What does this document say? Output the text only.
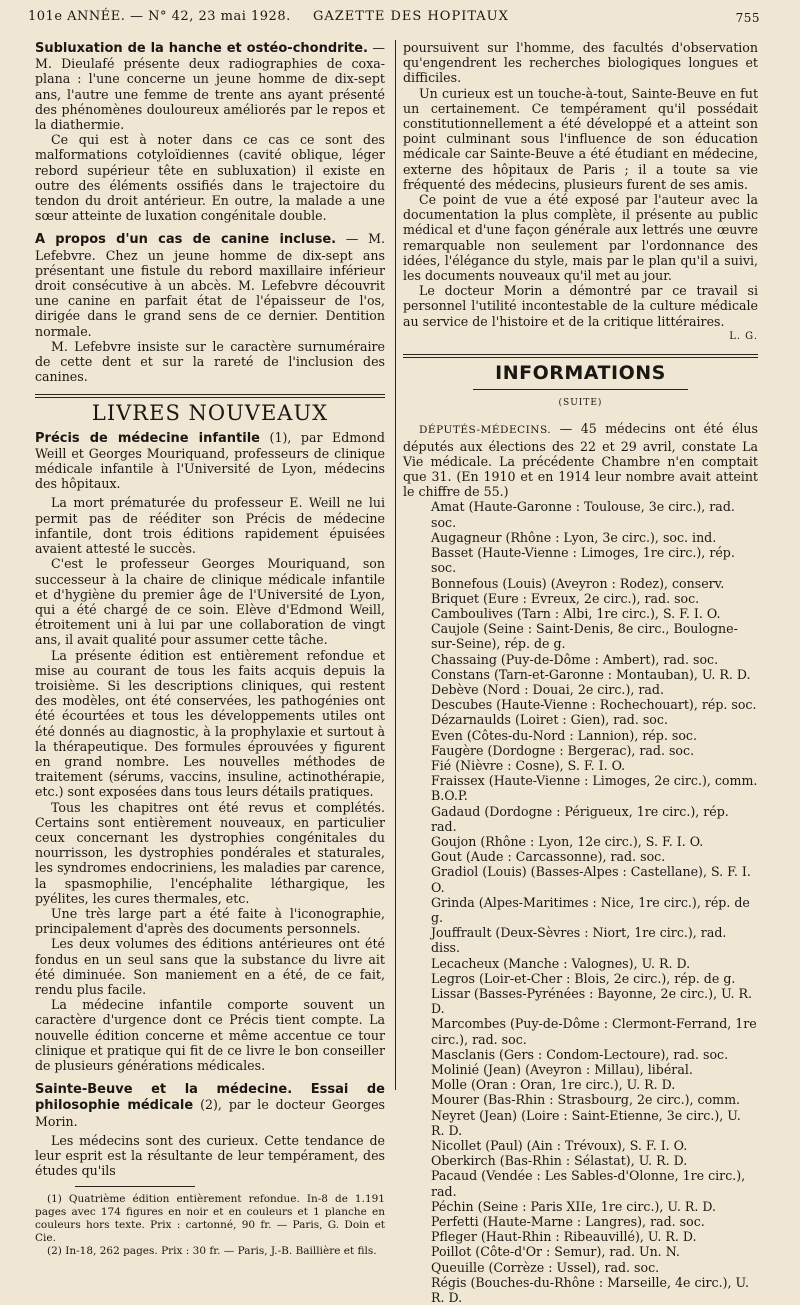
101e ANNÉE. — N° 42, 23 mai 1928. GAZETTE DES HOPITAUX	755

Subluxation de la hanche et ostéo-chondrite. — M. Dieulafé présente deux radiographies de coxa-plana : l'une concerne un jeune homme de dix-sept ans, l'autre une femme de trente ans ayant présenté des phénomènes douloureux améliorés par le repos et la diathermie.

Ce qui est à noter dans ce cas ce sont des malformations cotyloïdiennes (cavité oblique, léger rebord supérieur tête en subluxation) il existe en outre des éléments ossifiés dans le trajectoire du tendon du droit antérieur. En outre, la malade a une sœur atteinte de luxation congénitale double.

A propos d'un cas de canine incluse. — M. Lefebvre. Chez un jeune homme de dix-sept ans présentant une fistule du rebord maxillaire inférieur droit consécutive à un abcès. M. Lefebvre découvrit une canine en parfait état de l'épaisseur de l'os, dirigée dans le grand sens de ce dernier. Dentition normale.

M. Lefebvre insiste sur le caractère surnuméraire de cette dent et sur la rareté de l'inclusion des canines.

LIVRES NOUVEAUX

Précis de médecine infantile (1), par Edmond Weill et Georges Mouriquand, professeurs de clinique médicale infantile à l'Université de Lyon, médecins des hôpitaux.

La mort prématurée du professeur E. Weill ne lui permit pas de rééditer son Précis de médecine infantile, dont trois éditions rapidement épuisées avaient attesté le succès.

C'est le professeur Georges Mouriquand, son successeur à la chaire de clinique médicale infantile et d'hygiène du premier âge de l'Université de Lyon, qui a été chargé de ce soin. Elève d'Edmond Weill, étroitement uni à lui par une collaboration de vingt ans, il avait qualité pour assumer cette tâche.

La présente édition est entièrement refondue et mise au courant de tous les faits acquis depuis la troisième. Si les descriptions cliniques, qui restent des modèles, ont été conservées, les pathogénies ont été écourtées et tous les développements utiles ont été donnés au diagnostic, à la prophylaxie et surtout à la thérapeutique. Des formules éprouvées y figurent en grand nombre. Les nouvelles méthodes de traitement (sérums, vaccins, insuline, actinothérapie, etc.) sont exposées dans tous leurs détails pratiques.

Tous les chapitres ont été revus et complétés. Certains sont entièrement nouveaux, en particulier ceux concernant les dystrophies congénitales du nourrisson, les dystrophies pondérales et staturales, les syndromes endocriniens, les maladies par carence, la spasmophilie, l'encéphalite léthargique, les pyélites, les cures thermales, etc.

Une très large part a été faite à l'iconographie, principalement d'après des documents personnels.

Les deux volumes des éditions antérieures ont été fondus en un seul sans que la substance du livre ait été diminuée. Son maniement en a été, de ce fait, rendu plus facile.

La médecine infantile comporte souvent un caractère d'urgence dont ce Précis tient compte. La nouvelle édition concerne et même accentue ce tour clinique et pratique qui fit de ce livre le bon conseiller de plusieurs générations médicales.

Sainte-Beuve et la médecine. Essai de philosophie médicale (2), par le docteur Georges Morin.

Les médecins sont des curieux. Cette tendance de leur esprit est la résultante de leur tempérament, des études qu'ils

(1) Quatrième édition entièrement refondue. In-8 de 1.191 pages avec 174 figures en noir et en couleurs et 1 planche en couleurs hors texte. Prix : cartonné, 90 fr. — Paris, G. Doin et Cie.

(2) In-18, 262 pages. Prix : 30 fr. — Paris, J.-B. Baillière et fils.

poursuivent sur l'homme, des facultés d'observation qu'engendrent les recherches biologiques longues et difficiles.

Un curieux est un touche-à-tout, Sainte-Beuve en fut un certainement. Ce tempérament qu'il possédait constitutionnellement a été développé et a atteint son point culminant sous l'influence de son éducation médicale car Sainte-Beuve a été étudiant en médecine, externe des hôpitaux de Paris ; il a toute sa vie fréquenté des médecins, plusieurs furent de ses amis.

Ce point de vue a été exposé par l'auteur avec la documentation la plus complète, il présente au public médical et d'une façon générale aux lettrés une œuvre remarquable non seulement par l'ordonnance des idées, l'élégance du style, mais par le plan qu'il a suivi, les documents nouveaux qu'il met au jour.

Le docteur Morin a démontré par ce travail si personnel l'utilité incontestable de la culture médicale au service de l'histoire et de la critique littéraires.

L. G.

INFORMATIONS

(SUITE)

DÉPUTÉS-MÉDECINS. — 45 médecins ont été élus députés aux élections des 22 et 29 avril, constate La Vie médicale. La précédente Chambre n'en comptait que 31. (En 1910 et en 1914 leur nombre avait atteint le chiffre de 55.)

Amat (Haute-Garonne : Toulouse, 3e circ.), rad. soc.

Augagneur (Rhône : Lyon, 3e circ.), soc. ind.

Basset (Haute-Vienne : Limoges, 1re circ.), rép. soc.

Bonnefous (Louis) (Aveyron : Rodez), conserv.

Briquet (Eure : Evreux, 2e circ.), rad. soc.

Camboulives (Tarn : Albi, 1re circ.), S. F. I. O.

Caujole (Seine : Saint-Denis, 8e circ., Boulogne-sur-Seine), rép. de g.

Chassaing (Puy-de-Dôme : Ambert), rad. soc.

Constans (Tarn-et-Garonne : Montauban), U. R. D.

Debève (Nord : Douai, 2e circ.), rad.

Descubes (Haute-Vienne : Rochechouart), rép. soc.

Dézarnaulds (Loiret : Gien), rad. soc.

Even (Côtes-du-Nord : Lannion), rép. soc.

Faugère (Dordogne : Bergerac), rad. soc.

Fié (Nièvre : Cosne), S. F. I. O.

Fraissex (Haute-Vienne : Limoges, 2e circ.), comm. B.O.P.

Gadaud (Dordogne : Périgueux, 1re circ.), rép. rad.

Goujon (Rhône : Lyon, 12e circ.), S. F. I. O.

Gout (Aude : Carcassonne), rad. soc.

Gradiol (Louis) (Basses-Alpes : Castellane), S. F. I. O.

Grinda (Alpes-Maritimes : Nice, 1re circ.), rép. de g.

Jouffrault (Deux-Sèvres : Niort, 1re circ.), rad. diss.

Lecacheux (Manche : Valognes), U. R. D.

Legros (Loir-et-Cher : Blois, 2e circ.), rép. de g.

Lissar (Basses-Pyrénées : Bayonne, 2e circ.), U. R. D.

Marcombes (Puy-de-Dôme : Clermont-Ferrand, 1re circ.), rad. soc.

Masclanis (Gers : Condom-Lectoure), rad. soc.

Molinié (Jean) (Aveyron : Millau), libéral.

Molle (Oran : Oran, 1re circ.), U. R. D.

Mourer (Bas-Rhin : Strasbourg, 2e circ.), comm.

Neyret (Jean) (Loire : Saint-Etienne, 3e circ.), U. R. D.

Nicollet (Paul) (Ain : Trévoux), S. F. I. O.

Oberkirch (Bas-Rhin : Sélastat), U. R. D.

Pacaud (Vendée : Les Sables-d'Olonne, 1re circ.), rad.

Péchin (Seine : Paris XIIe, 1re circ.), U. R. D.

Perfetti (Haute-Marne : Langres), rad. soc.

Pfleger (Haut-Rhin : Ribeauvillé), U. R. D.

Poillot (Côte-d'Or : Semur), rad. Un. N.

Queuille (Corrèze : Ussel), rad. soc.

Régis (Bouches-du-Rhône : Marseille, 4e circ.), U. R. D.
